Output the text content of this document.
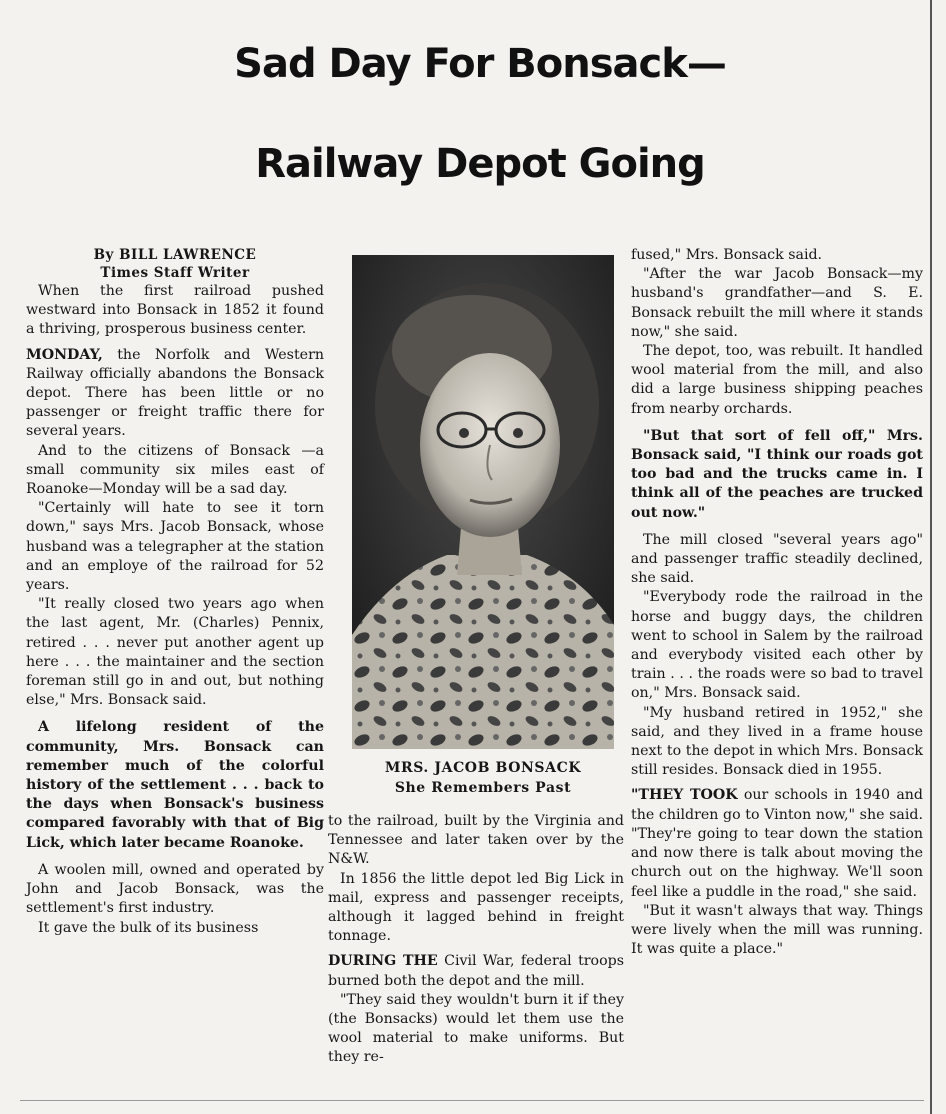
Sad Day For Bonsack—
Railway Depot Going
By BILL LAWRENCE
Times Staff Writer

When the first railroad pushed westward into Bonsack in 1852 it found a thriving, prosperous business center.

MONDAY, the Norfolk and Western Railway officially abandons the Bonsack depot. There has been little or no passenger or freight traffic there for several years.

And to the citizens of Bonsack —a small community six miles east of Roanoke—Monday will be a sad day.

"Certainly will hate to see it torn down," says Mrs. Jacob Bonsack, whose husband was a telegrapher at the station and an employe of the railroad for 52 years.

"It really closed two years ago when the last agent, Mr. (Charles) Pennix, retired . . . never put another agent up here . . . the maintainer and the section foreman still go in and out, but nothing else," Mrs. Bonsack said.

A lifelong resident of the community, Mrs. Bonsack can remember much of the colorful history of the settlement . . . back to the days when Bonsack's business compared favorably with that of Big Lick, which later became Roanoke.

A woolen mill, owned and operated by John and Jacob Bonsack, was the settlement's first industry.

It gave the bulk of its business

MRS. JACOB BONSACK
She Remembers Past

to the railroad, built by the Virginia and Tennessee and later taken over by the N&W.

In 1856 the little depot led Big Lick in mail, express and passenger receipts, although it lagged behind in freight tonnage.

DURING THE Civil War, federal troops burned both the depot and the mill.

"They said they wouldn't burn it if they (the Bonsacks) would let them use the wool material to make uniforms. But they re-

fused," Mrs. Bonsack said.

"After the war Jacob Bonsack—my husband's grandfather—and S. E. Bonsack rebuilt the mill where it stands now," she said.

The depot, too, was rebuilt. It handled wool material from the mill, and also did a large business shipping peaches from nearby orchards.

"But that sort of fell off," Mrs. Bonsack said, "I think our roads got too bad and the trucks came in. I think all of the peaches are trucked out now."

The mill closed "several years ago" and passenger traffic steadily declined, she said.

"Everybody rode the railroad in the horse and buggy days, the children went to school in Salem by the railroad and everybody visited each other by train . . . the roads were so bad to travel on," Mrs. Bonsack said.

"My husband retired in 1952," she said, and they lived in a frame house next to the depot in which Mrs. Bonsack still resides. Bonsack died in 1955.

"THEY TOOK our schools in 1940 and the children go to Vinton now," she said. "They're going to tear down the station and now there is talk about moving the church out on the highway. We'll soon feel like a puddle in the road," she said.

"But it wasn't always that way. Things were lively when the mill was running. It was quite a place."
